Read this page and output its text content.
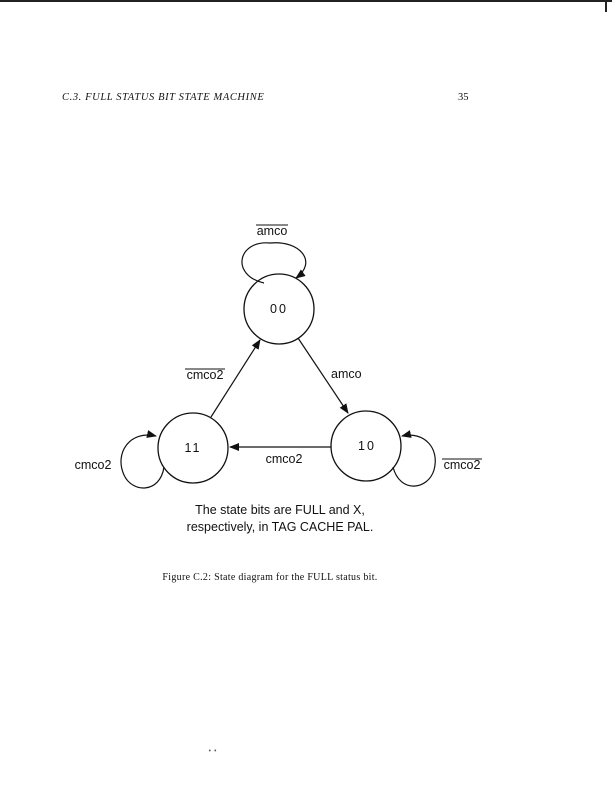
C.3. FULL STATUS BIT STATE MACHINE	35
00
10
11
amco
amco
cmco2
cmco2
cmco2	cmco2
The state bits are FULL and X,
respectively, in TAG CACHE PAL.
Figure C.2: State diagram for the FULL status bit.
• •
